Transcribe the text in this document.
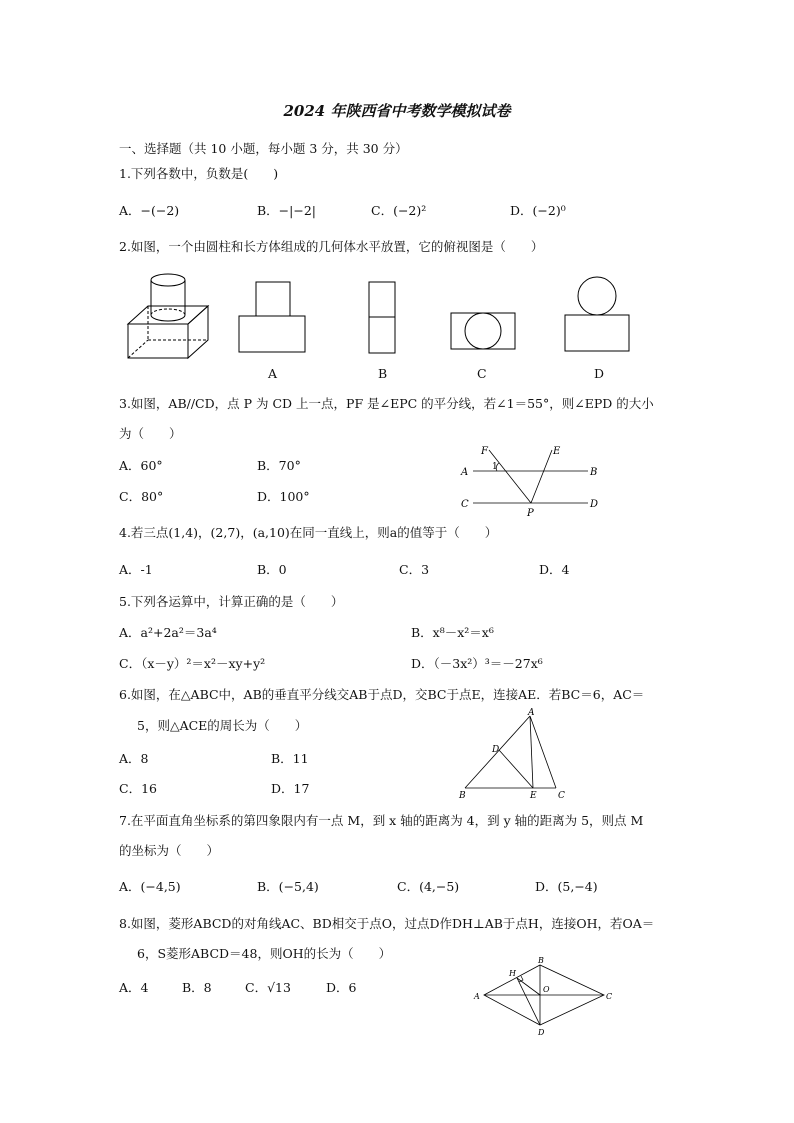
2024 年陕西省中考数学模拟试卷
一、选择题（共 10 小题，每小题 3 分，共 30 分）
1.下列各数中，负数是(　　)
A．−(−2)	B．−|−2|	C．(−2)²	D．(−2)⁰
2.如图，一个由圆柱和长方体组成的几何体水平放置，它的俯视图是（　　）
A	B	C	D
3.如图，AB//CD，点 P 为 CD 上一点，PF 是∠EPC 的平分线，若∠1＝55°，则∠EPD 的大小
为（　　）
A．60°	B．70°
C．80°	D．100°
F	E
1
A	B
C	D
P
4.若三点(1,4)，(2,7)，(a,10)在同一直线上，则a的值等于（　　）
A．-1	B．0	C．3	D．4
5.下列各运算中，计算正确的是（　　）
A．a²+2a²＝3a⁴	B．x⁸－x²＝x⁶
C．（x－y）²＝x²－xy+y²	D．（－3x²）³＝－27x⁶
6.如图，在△ABC中，AB的垂直平分线交AB于点D，交BC于点E，连接AE．若BC＝6，AC＝
5，则△ACE的周长为（　　）
A．8	B．11
C．16	D．17
A
B	C
D
E
7.在平面直角坐标系的第四象限内有一点 M，到 x 轴的距离为 4，到 y 轴的距离为 5，则点 M
的坐标为（　　）
A．(−4,5)	B．(−5,4)	C．(4,−5)	D．(5,−4)
8.如图，菱形ABCD的对角线AC、BD相交于点O，过点D作DH⊥AB于点H，连接OH，若OA＝
6，S菱形ABCD＝48，则OH的长为（　　）
A．4	B．8	C．√13	D．6
A
B
C
D
H
O
